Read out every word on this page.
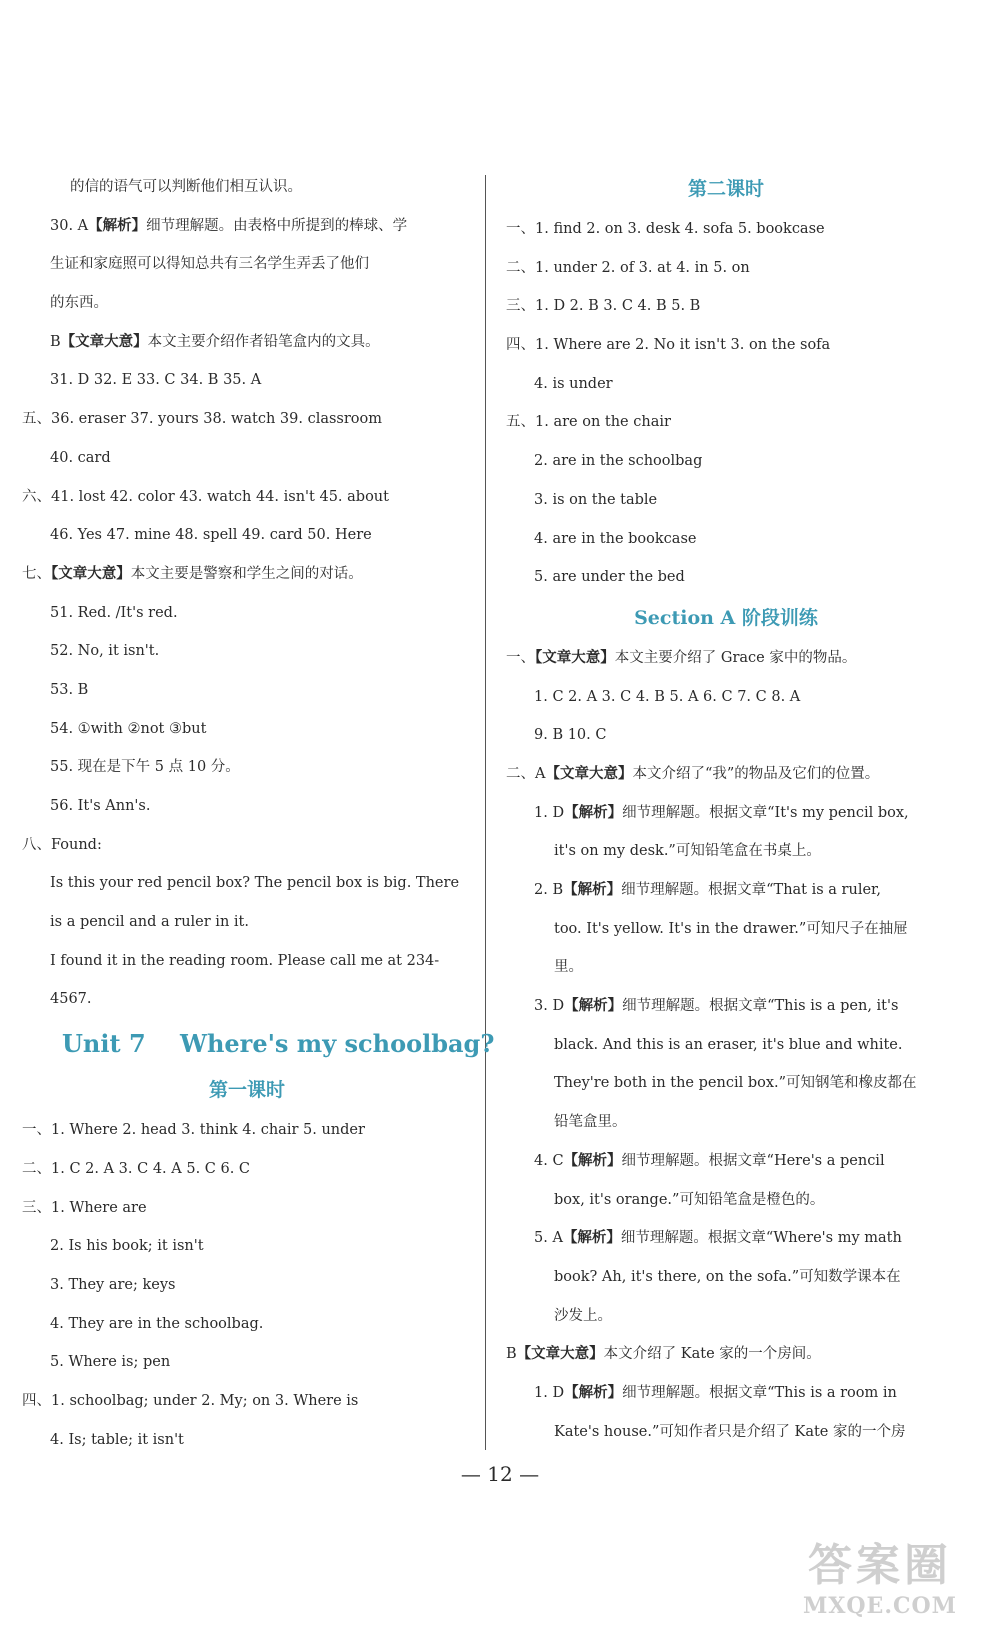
的信的语气可以判断他们相互认识。
30. A【解析】细节理解题。由表格中所提到的棒球、学
生证和家庭照可以得知总共有三名学生弄丢了他们
的东西。
B【文章大意】本文主要介绍作者铅笔盒内的文具。
31. D 32. E 33. C 34. B 35. A
五、36. eraser 37. yours 38. watch 39. classroom
40. card
六、41. lost 42. color 43. watch 44. isn't 45. about
46. Yes 47. mine 48. spell 49. card 50. Here
七、【文章大意】本文主要是警察和学生之间的对话。
51. Red. /It's red.
52. No, it isn't.
53. B
54. ①with ②not ③but
55. 现在是下午 5 点 10 分。
56. It's Ann's.
八、Found:
Is this your red pencil box? The pencil box is big. There
is a pencil and a ruler in it.
I found it in the reading room. Please call me at 234-
4567.
Unit 7 Where's my schoolbag?
第一课时
一、1. Where 2. head 3. think 4. chair 5. under
二、1. C 2. A 3. C 4. A 5. C 6. C
三、1. Where are
2. Is his book; it isn't
3. They are; keys
4. They are in the schoolbag.
5. Where is; pen
四、1. schoolbag; under 2. My; on 3. Where is
4. Is; table; it isn't
第二课时
一、1. find 2. on 3. desk 4. sofa 5. bookcase
二、1. under 2. of 3. at 4. in 5. on
三、1. D 2. B 3. C 4. B 5. B
四、1. Where are 2. No it isn't 3. on the sofa
4. is under
五、1. are on the chair
2. are in the schoolbag
3. is on the table
4. are in the bookcase
5. are under the bed
Section A 阶段训练
一、【文章大意】本文主要介绍了 Grace 家中的物品。
1. C 2. A 3. C 4. B 5. A 6. C 7. C 8. A
9. B 10. C
二、A【文章大意】本文介绍了“我”的物品及它们的位置。
1. D【解析】细节理解题。根据文章“It's my pencil box,
it's on my desk.”可知铅笔盒在书桌上。
2. B【解析】细节理解题。根据文章“That is a ruler,
too. It's yellow. It's in the drawer.”可知尺子在抽屉
里。
3. D【解析】细节理解题。根据文章“This is a pen, it's
black. And this is an eraser, it's blue and white.
They're both in the pencil box.”可知钢笔和橡皮都在
铅笔盒里。
4. C【解析】细节理解题。根据文章“Here's a pencil
box, it's orange.”可知铅笔盒是橙色的。
5. A【解析】细节理解题。根据文章“Where's my math
book? Ah, it's there, on the sofa.”可知数学课本在
沙发上。
B【文章大意】本文介绍了 Kate 家的一个房间。
1. D【解析】细节理解题。根据文章“This is a room in
Kate's house.”可知作者只是介绍了 Kate 家的一个房
— 12 —
答案圈
MXQE.COM
